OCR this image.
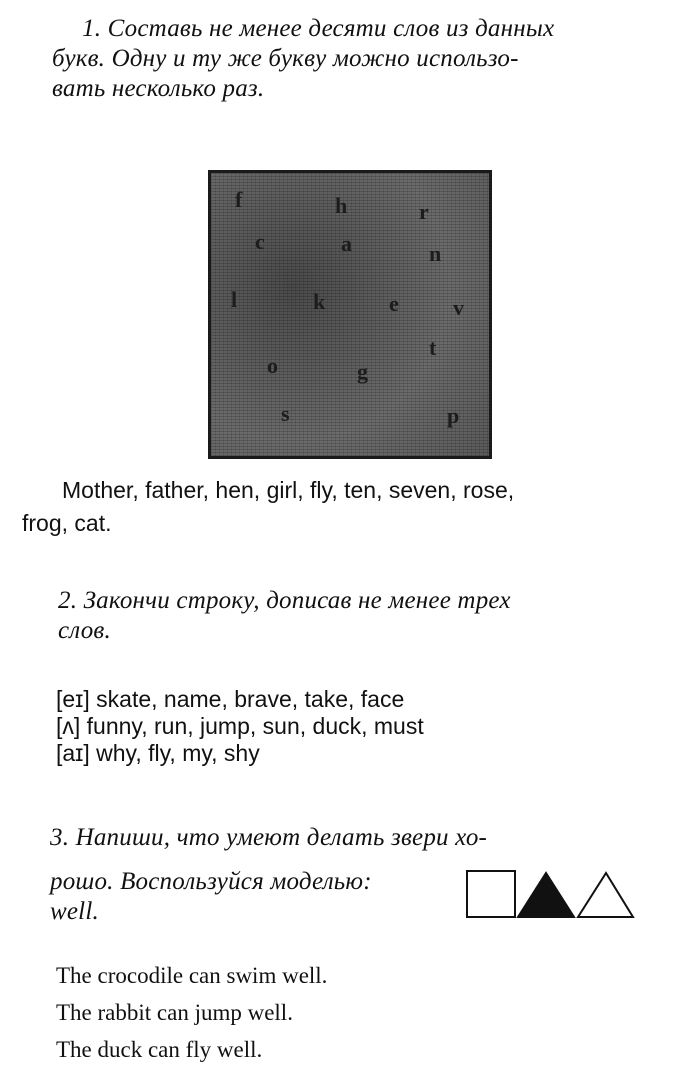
1. Составь не менее десяти слов из данных
букв. Одну и ту же букву можно использо-
вать несколько раз.
f	h	r
c	a	n
l	k	e v
t
o	g
s	p
Mother, father, hen, girl, fly, ten, seven, rose,
frog, cat.
2. Закончи строку, дописав не менее трех
слов.
[eɪ] skate, name, brave, take, face
[ʌ] funny, run, jump, sun, duck, must
[aɪ] why, fly, my, shy
3. Напиши, что умеют делать звери хо-
рошо. Воспользуйся моделью:
well.
The crocodile can swim well.
The rabbit can jump well.
The duck can fly well.
